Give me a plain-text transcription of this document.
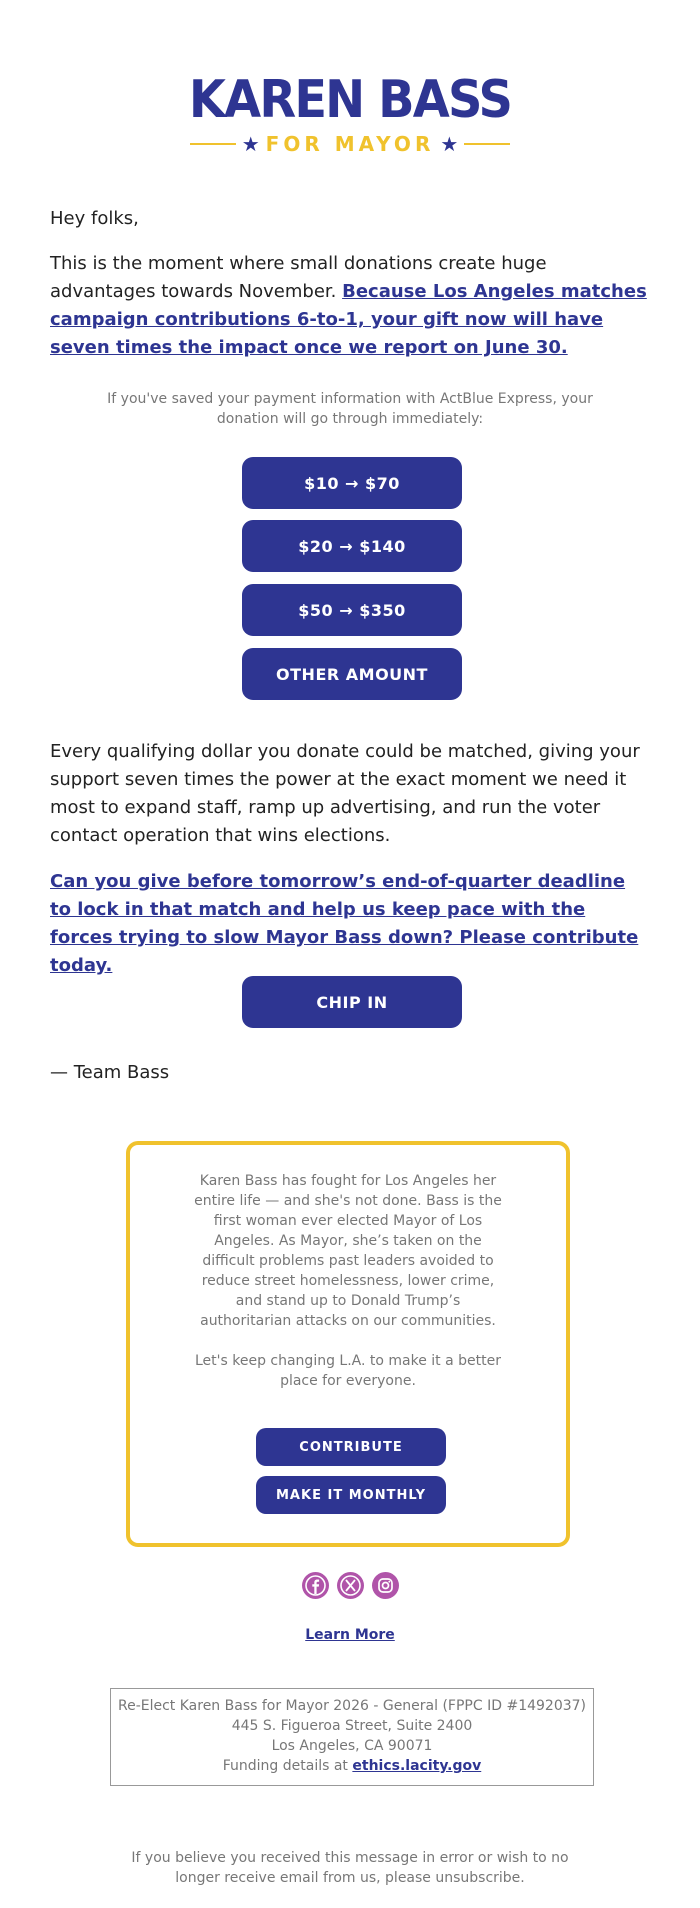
KAREN BASS
★ FOR MAYOR ★

Hey folks,

This is the moment where small donations create huge advantages towards November. Because Los Angeles matches campaign contributions 6-to-1, your gift now will have seven times the impact once we report on June 30.

If you've saved your payment information with ActBlue Express, your donation will go through immediately:
$10 → $70
$20 → $140
$50 → $350
OTHER AMOUNT

Every qualifying dollar you donate could be matched, giving your support seven times the power at the exact moment we need it most to expand staff, ramp up advertising, and run the voter contact operation that wins elections.

Can you give before tomorrow’s end-of-quarter deadline to lock in that match and help us keep pace with the forces trying to slow Mayor Bass down? Please contribute today.

CHIP IN

— Team Bass

Karen Bass has fought for Los Angeles her entire life — and she's not done. Bass is the first woman ever elected Mayor of Los Angeles. As Mayor, she’s taken on the difficult problems past leaders avoided to reduce street homelessness, lower crime, and stand up to Donald Trump’s authoritarian attacks on our communities.

Let's keep changing L.A. to make it a better place for everyone.

CONTRIBUTE
MAKE IT MONTHLY
Learn More
Re-Elect Karen Bass for Mayor 2026 - General (FPPC ID #1492037)
445 S. Figueroa Street, Suite 2400
Los Angeles, CA 90071
Funding details at ethics.lacity.gov
If you believe you received this message in error or wish to no longer receive email from us, please unsubscribe.
